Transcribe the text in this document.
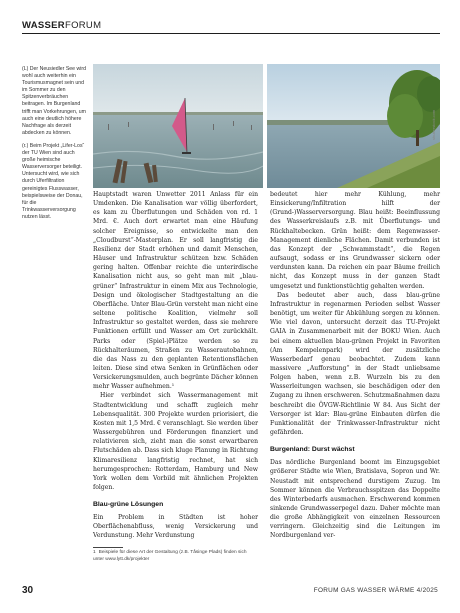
WASSERFORUM

(L) Der Neusiedler See wird wohl auch weiterhin ein Tourismusmagnet sein und im Sommer zu den Spitzenverbräuchen beitragen. Im Burgenland trifft man Vorkehrungen, um auch eine deutlich höhere Nachfrage als derzeit abdecken zu können.

(r.) Beim Projekt „Lifer-Los“ der TU Wien sind auch große heimische Wasserversorger beteiligt. Untersucht wird, wie sich durch Uferfiltration gereinigtes Flusswasser, beispielsweise der Donau, für die Trinkwasserversorgung nutzen lässt.

shutterstock.com

Hauptstadt waren Unwetter 2011 Anlass für ein Umdenken. Die Kanalisation war völlig überfordert, es kam zu Überflutungen und Schäden von rd. 1 Mrd. €. Auch dort erwartet man eine Häufung solcher Ereignisse, so entwickelte man den „Cloudburst“-Masterplan. Er soll langfristig die Resilienz der Stadt erhöhen und damit Menschen, Häuser und Infrastruktur schützen bzw. Schäden gering halten. Offenbar reichte die unterirdische Kanalisation nicht aus, so geht man mit „blau-grüner“ Infrastruktur in einem Mix aus Technologie, Design und ökologischer Stadtgestaltung an die Oberfläche. Unter Blau-Grün versteht man nicht eine seltene politische Koalition, vielmehr soll Infrastruktur so gestaltet werden, dass sie mehrere Funktionen erfüllt und Wasser am Ort zurückhält. Parks oder (Spiel-)Plätze werden so zu Rückhalteräumen, Straßen zu Wasserautobahnen, die das Nass zu den geplanten Retentionsflächen leiten. Diese sind etwa Senken in Grünflächen oder Versickerungsmulden, auch begrünte Dächer können mehr Wasser aufnehmen.¹

Hier verbindet sich Wassermanagement mit Stadtentwicklung und schafft zugleich mehr Lebensqualität. 300 Projekte wurden priorisiert, die Kosten mit 1,5 Mrd. € veranschlagt. Sie werden über Wassergebühren und Förderungen finanziert und relativieren sich, zieht man die sonst erwartbaren Flutschäden ab. Dass sich kluge Planung in Richtung Klimaresilienz langfristig rechnet, hat sich herumgesprochen: Rotterdam, Hamburg und New York wollen dem Vorbild mit ähnlichen Projekten folgen.

Blau-grüne Lösungen

Ein Problem in Städten ist hoher Oberflächenabfluss, wenig Versickerung und Verdunstung. Mehr Verdunstung

1 Beispiele für diese Art der Gestaltung (z.B. Tåsinge Plads) finden sich unter www.lytt.dk/projekter

bedeutet hier mehr Kühlung, mehr Einsickerung/Infiltration hilft der (Grund-)Wasserversorgung. Blau heißt: Beeinflussung des Wasserkreislaufs z.B. mit Überflutungs- und Rückhaltebecken. Grün heißt: dem Regenwasser-Management dienliche Flächen. Damit verbunden ist das Konzept der „Schwammstadt“, die Regen aufsaugt, sodass er ins Grundwasser sickern oder verdunsten kann. Da reichen ein paar Bäume freilich nicht, das Konzept muss in der ganzen Stadt umgesetzt und funktionstüchtig gehalten werden.

Das bedeutet aber auch, dass blau-grüne Infrastruktur in regenarmen Perioden selbst Wasser benötigt, um weiter für Abkühlung sorgen zu können. Wie viel davon, untersucht derzeit das TU-Projekt GAIA in Zusammenarbeit mit der BOKU Wien. Auch bei einem aktuellen blau-grünen Projekt in Favoriten (Am Kempelenpark) wird der zusätzliche Wasserbedarf genau beobachtet. Zudem kann massivere „Aufforstung“ in der Stadt unliebsame Folgen haben, wenn z.B. Wurzeln bis zu den Wasserleitungen wachsen, sie beschädigen oder den Zugang zu ihnen erschweren. Schutzmaßnahmen dazu beschreibt die ÖVGW-Richtlinie W 84. Aus Sicht der Versorger ist klar: Blau-grüne Einbauten dürfen die Funktionalität der Trinkwasser-Infrastruktur nicht gefährden.

Burgenland: Durst wächst

Das nördliche Burgenland boomt im Einzugsgebiet größerer Städte wie Wien, Bratislava, Sopron und Wr. Neustadt mit entsprechend durstigem Zuzug. Im Sommer können die Verbrauchsspitzen das Doppelte des Winterbedarfs ausmachen. Erschwerend kommen sinkende Grundwasserpegel dazu. Daher möchte man die große Abhängigkeit von einzelnen Ressourcen verringern. Gleichzeitig sind die Leitungen im Nordburgenland ver-

30	FORUM GAS WASSER WÄRME 4/2025
